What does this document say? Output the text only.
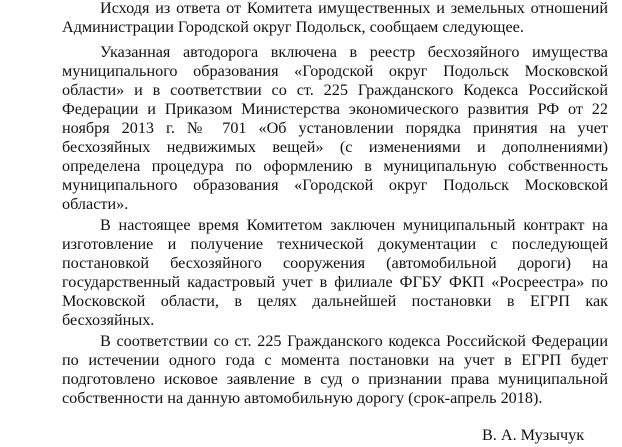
Исходя из ответа от Комитета имущественных и земельных отношений
Администрации Городской округ Подольск, сообщаем следующее.
Указанная автодорога включена в реестр бесхозяйного имущества
муниципального образования «Городской округ Подольск Московской
области» и в соответствии со ст. 225 Гражданского Кодекса Российской
Федерации и Приказом Министерства экономического развития РФ от 22
ноября 2013 г. № 701 «Об установлении порядка принятия на учет
бесхозяйных недвижимых вещей» (с изменениями и дополнениями)
определена процедура по оформлению в муниципальную собственность
муниципального образования «Городской округ Подольск Московской
области».
В настоящее время Комитетом заключен муниципальный контракт на
изготовление и получение технической документации с последующей
постановкой бесхозяйного сооружения (автомобильной дороги) на
государственный кадастровый учет в филиале ФГБУ ФКП «Росреестра» по
Московской области, в целях дальнейшей постановки в ЕГРП как
бесхозяйных.
В соответствии со ст. 225 Гражданского кодекса Российской Федерации
по истечении одного года с момента постановки на учет в ЕГРП будет
подготовлено исковое заявление в суд о признании права муниципальной
собственности на данную автомобильную дорогу (срок-апрель 2018).
В. А. Музычук
